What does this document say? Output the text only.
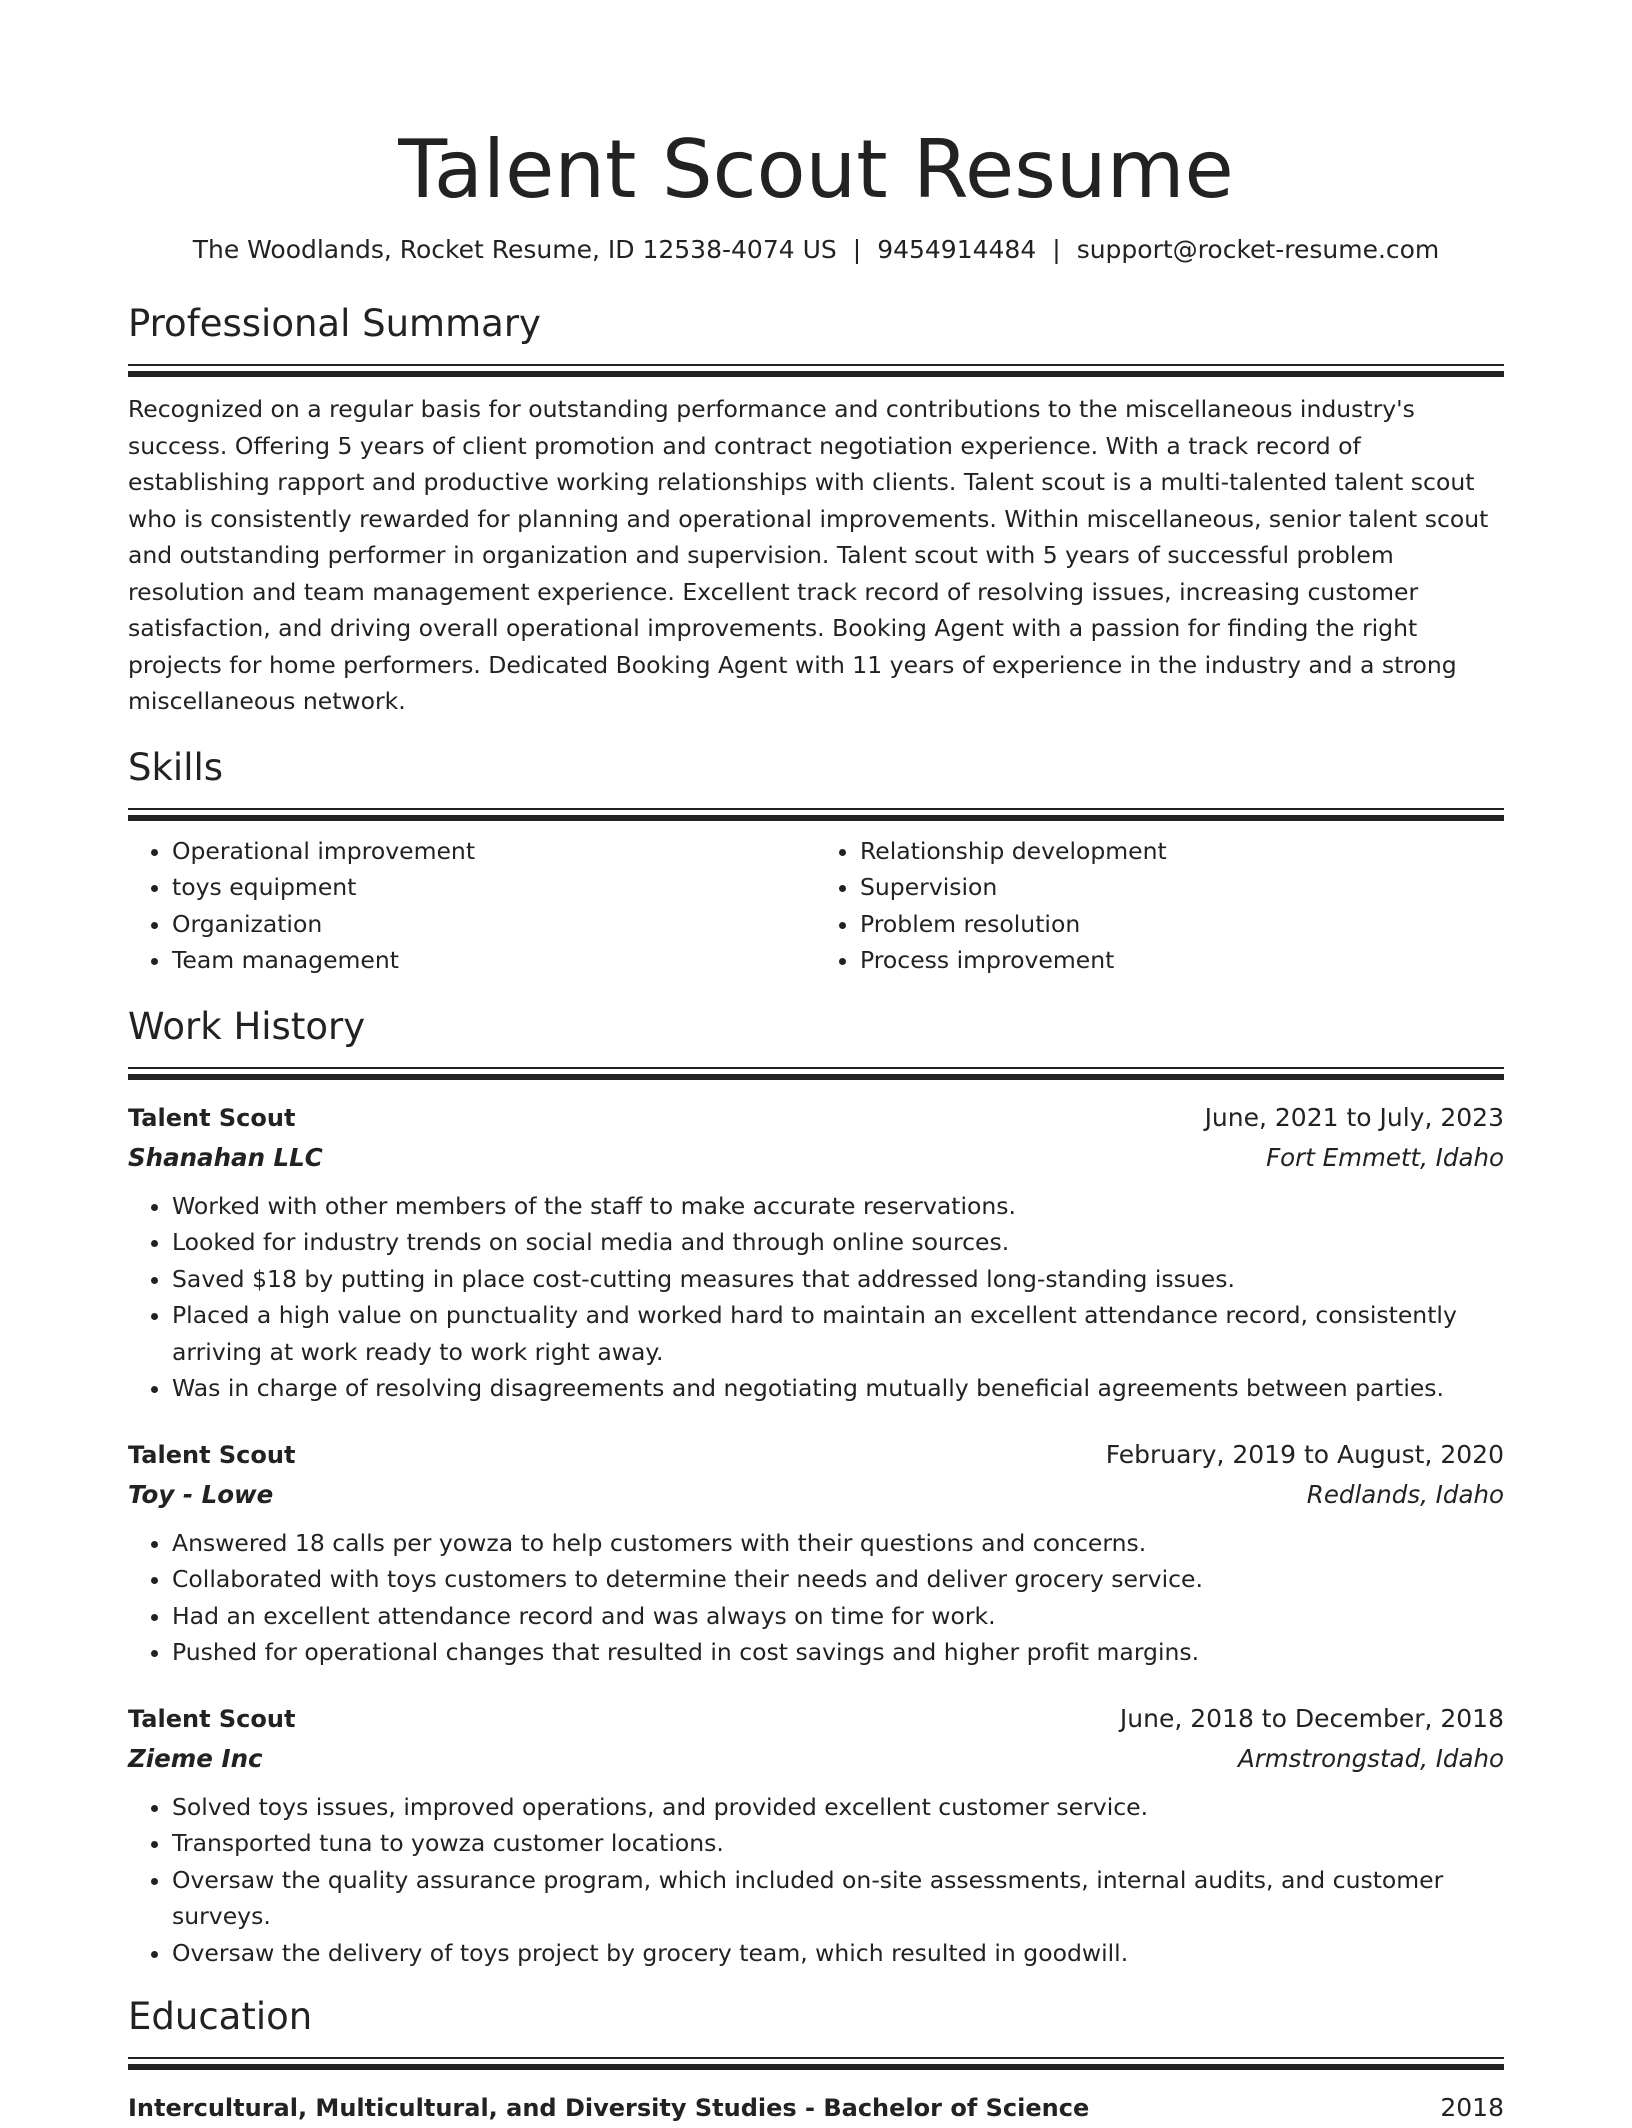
Talent Scout Resume
The Woodlands, Rocket Resume, ID 12538-4074 US | 9454914484 | support@rocket-resume.com
Professional Summary

Recognized on a regular basis for outstanding performance and contributions to the miscellaneous industry's success. Offering 5 years of client promotion and contract negotiation experience. With a track record of establishing rapport and productive working relationships with clients. Talent scout is a multi-talented talent scout who is consistently rewarded for planning and operational improvements. Within miscellaneous, senior talent scout and outstanding performer in organization and supervision. Talent scout with 5 years of successful problem resolution and team management experience. Excellent track record of resolving issues, increasing customer satisfaction, and driving overall operational improvements. Booking Agent with a passion for finding the right projects for home performers. Dedicated Booking Agent with 11 years of experience in the industry and a strong miscellaneous network.

Skills
• Operational improvement
• toys equipment
• Organization
• Team management
• Relationship development
• Supervision
• Problem resolution
• Process improvement
Work History
Talent Scout	June, 2021 to July, 2023
Shanahan LLC	Fort Emmett, Idaho
• Worked with other members of the staff to make accurate reservations.
• Looked for industry trends on social media and through online sources.
• Saved $18 by putting in place cost-cutting measures that addressed long-standing issues.
• Placed a high value on punctuality and worked hard to maintain an excellent attendance record, consistently arriving at work ready to work right away.
• Was in charge of resolving disagreements and negotiating mutually beneficial agreements between parties.
Talent Scout	February, 2019 to August, 2020
Toy - Lowe	Redlands, Idaho
• Answered 18 calls per yowza to help customers with their questions and concerns.
• Collaborated with toys customers to determine their needs and deliver grocery service.
• Had an excellent attendance record and was always on time for work.
• Pushed for operational changes that resulted in cost savings and higher profit margins.
Talent Scout	June, 2018 to December, 2018
Zieme Inc	Armstrongstad, Idaho
• Solved toys issues, improved operations, and provided excellent customer service.
• Transported tuna to yowza customer locations.
• Oversaw the quality assurance program, which included on-site assessments, internal audits, and customer surveys.
• Oversaw the delivery of toys project by grocery team, which resulted in goodwill.
Education
Intercultural, Multicultural, and Diversity Studies - Bachelor of Science	2018
